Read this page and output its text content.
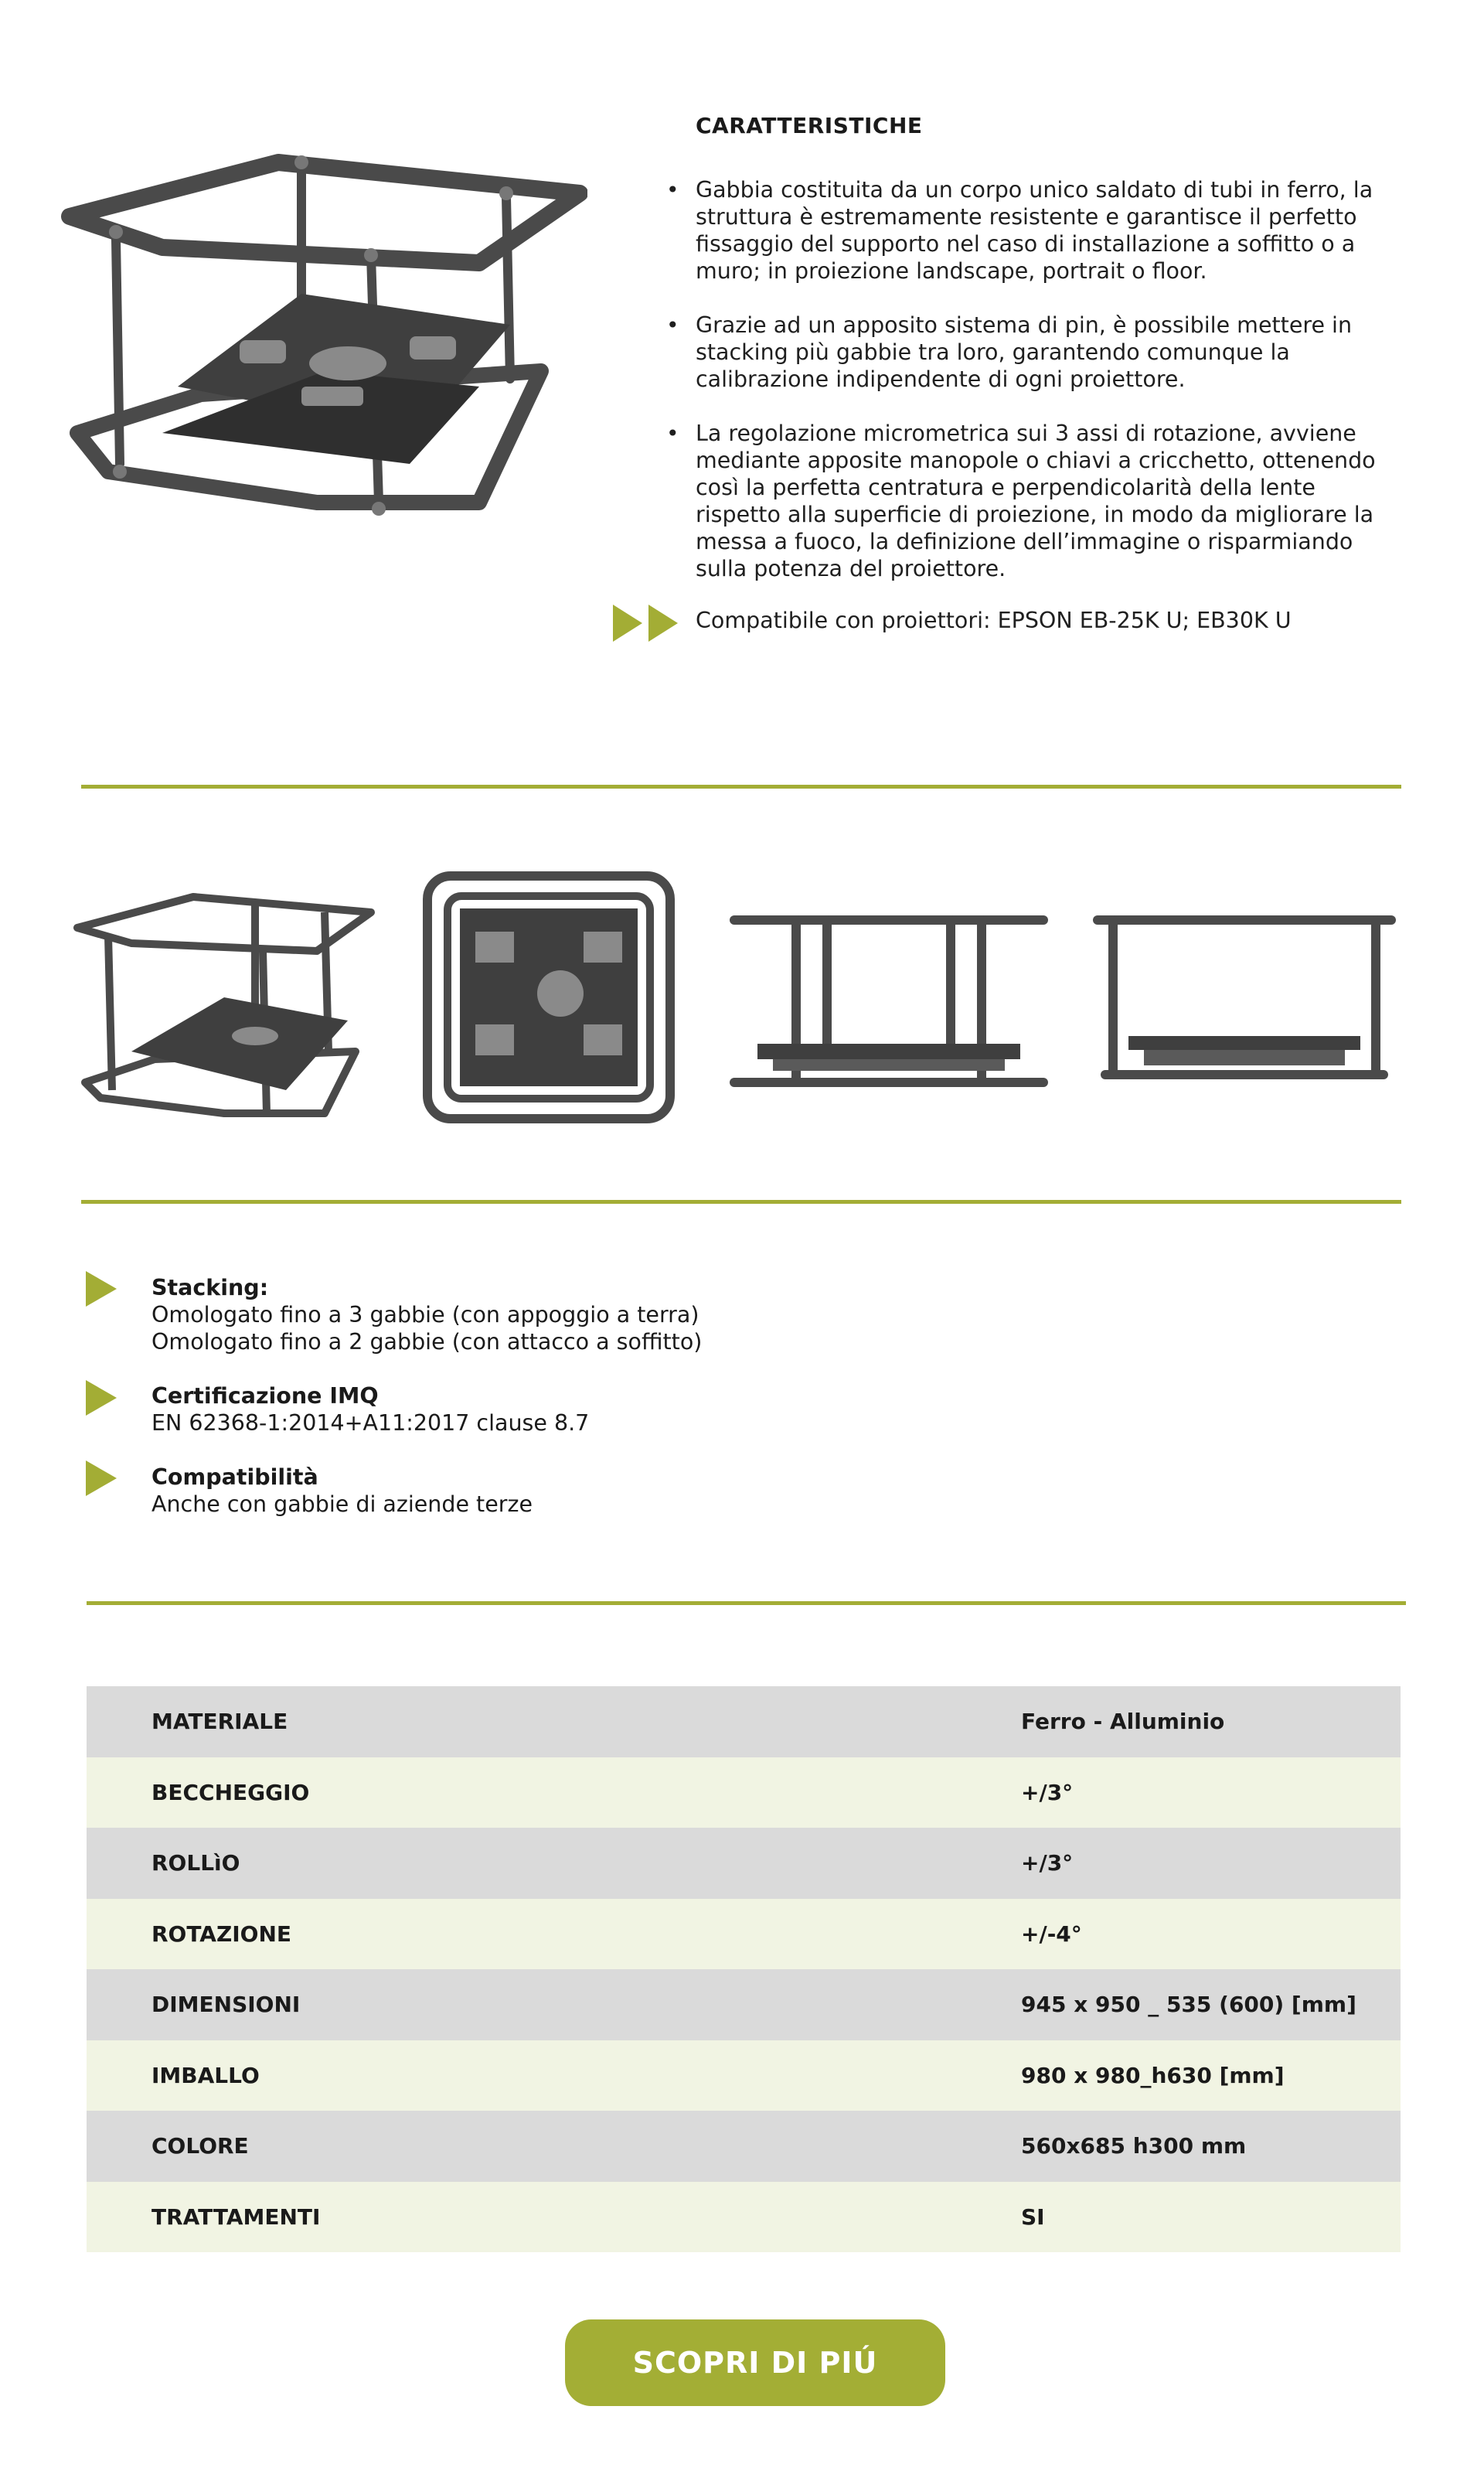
CARATTERISTICHE
• Gabbia costituita da un corpo unico saldato di tubi in ferro, la struttura è estremamente resistente e garantisce il perfetto fissaggio del supporto nel caso di installazione a soffitto o a muro; in proiezione landscape, portrait o floor.
• Grazie ad un apposito sistema di pin, è possibile mettere in stacking più gabbie tra loro, garantendo comunque la calibrazione indipendente di ogni proiettore.
• La regolazione micrometrica sui 3 assi di rotazione, avviene mediante apposite manopole o chiavi a cricchetto, ottenendo così la perfetta centratura e perpendicolarità della lente rispetto alla superficie di proiezione, in modo da migliorare la messa a fuoco, la definizione dell’immagine o risparmiando sulla potenza del proiettore.
Compatibile con proiettori: EPSON EB-25K U; EB30K U
Stacking:
Omologato fino a 3 gabbie (con appoggio a terra)
Omologato fino a 2 gabbie (con attacco a soffitto)
Certificazione IMQ
EN 62368-1:2014+A11:2017 clause 8.7
Compatibilità
Anche con gabbie di aziende terze
MATERIALE	Ferro - Alluminio
BECCHEGGIO	+/3°
ROLLìO	+/3°
ROTAZIONE	+/-4°
DIMENSIONI	945 x 950 _ 535 (600) [mm]
IMBALLO	980 x 980_h630 [mm]
COLORE	560x685 h300 mm
TRATTAMENTI	SI
SCOPRI DI PIÚ
